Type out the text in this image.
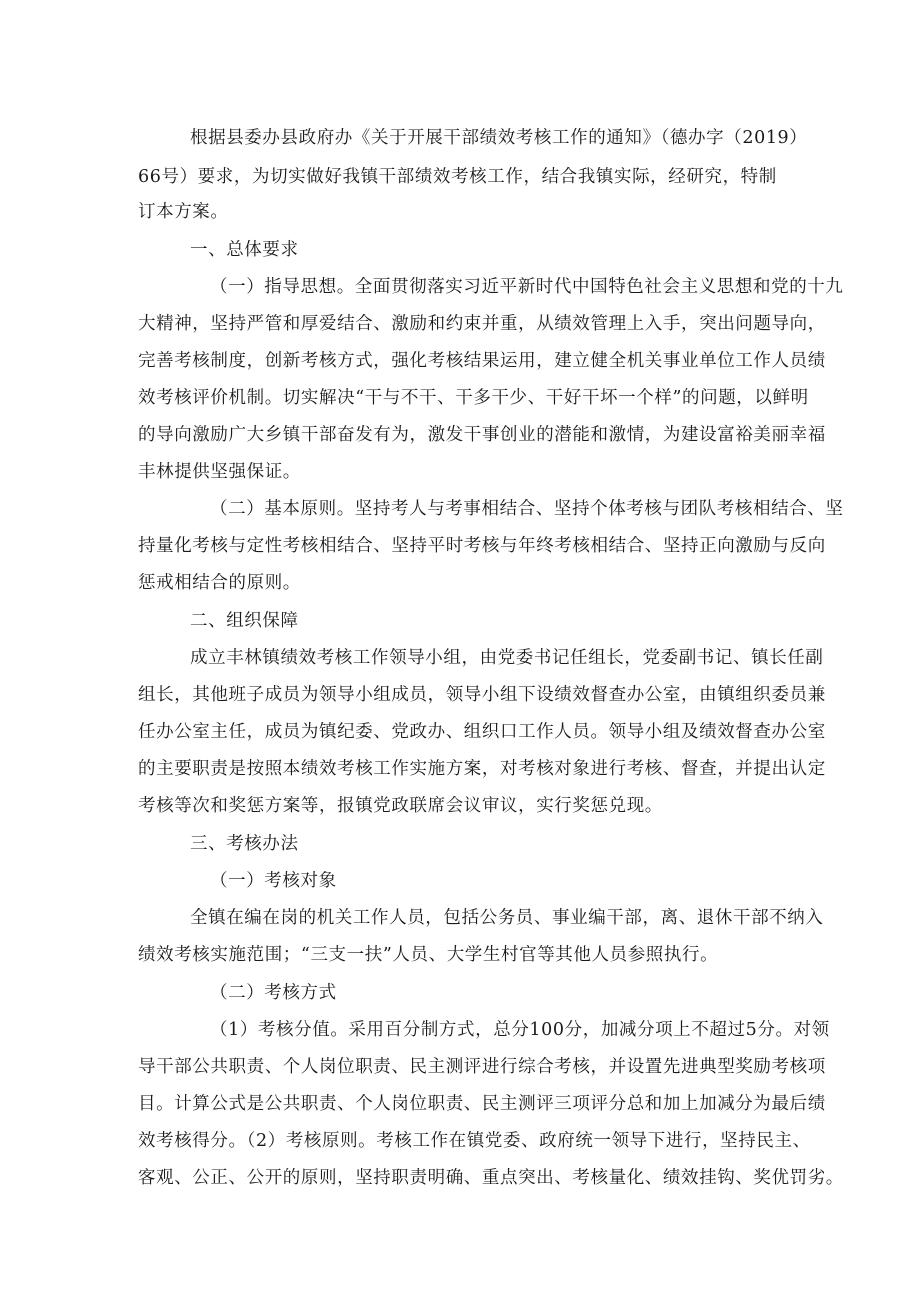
根据县委办县政府办《关于开展干部绩效考核工作的通知》（德办字（2019）
66号）要求，为切实做好我镇干部绩效考核工作，结合我镇实际，经研究，特制
订本方案。
一、总体要求
（一）指导思想。全面贯彻落实习近平新时代中国特色社会主义思想和党的十九
大精神，坚持严管和厚爱结合、激励和约束并重，从绩效管理上入手，突出问题导向，
完善考核制度，创新考核方式，强化考核结果运用，建立健全机关事业单位工作人员绩
效考核评价机制。切实解决“干与不干、干多干少、干好干坏一个样”的问题，以鲜明
的导向激励广大乡镇干部奋发有为，激发干事创业的潜能和激情，为建设富裕美丽幸福
丰林提供坚强保证。
（二）基本原则。坚持考人与考事相结合、坚持个体考核与团队考核相结合、坚
持量化考核与定性考核相结合、坚持平时考核与年终考核相结合、坚持正向激励与反向
惩戒相结合的原则。
二、组织保障
成立丰林镇绩效考核工作领导小组，由党委书记任组长，党委副书记、镇长任副
组长，其他班子成员为领导小组成员，领导小组下设绩效督查办公室，由镇组织委员兼
任办公室主任，成员为镇纪委、党政办、组织口工作人员。领导小组及绩效督查办公室
的主要职责是按照本绩效考核工作实施方案，对考核对象进行考核、督查，并提出认定
考核等次和奖惩方案等，报镇党政联席会议审议，实行奖惩兑现。
三、考核办法
（一）考核对象
全镇在编在岗的机关工作人员，包括公务员、事业编干部，离、退休干部不纳入
绩效考核实施范围；“三支一扶”人员、大学生村官等其他人员参照执行。
（二）考核方式
（1）考核分值。采用百分制方式，总分100分，加减分项上不超过5分。对领
导干部公共职责、个人岗位职责、民主测评进行综合考核，并设置先进典型奖励考核项
目。计算公式是公共职责、个人岗位职责、民主测评三项评分总和加上加减分为最后绩
效考核得分。（2）考核原则。考核工作在镇党委、政府统一领导下进行，坚持民主、
客观、公正、公开的原则，坚持职责明确、重点突出、考核量化、绩效挂钩、奖优罚劣。
